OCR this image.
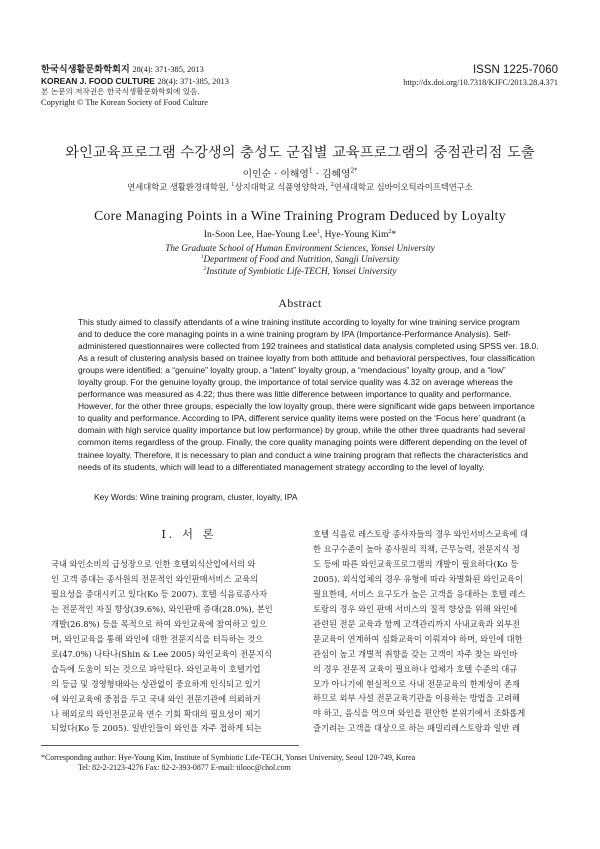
한국식생활문화학회지 28(4): 371-385, 2013
KOREAN J. FOOD CULTURE 28(4): 371-385, 2013
본 논문의 저작권은 한국식생활문화학회에 있음.
Copyright © The Korean Society of Food Culture
ISSN 1225-7060
http://dx.doi.org/10.7318/KJFC/2013.28.4.371
와인교육프로그램 수강생의 충성도 군집별 교육프로그램의 중점관리점 도출
이인순 · 이해영$^1$ · 김혜영$^{2*}$
연세대학교 생활환경대학원, $^1$상지대학교 식품영양학과, $^2$연세대학교 심바이오틱라이프텍연구소
Core Managing Points in a Wine Training Program Deduced by Loyalty
In-Soon Lee, Hae-Young Lee$^1$, Hye-Young Kim$^2$*
The Graduate School of Human Environment Sciences, Yonsei University
$^1$Department of Food and Nutrition, Sangji University
$^2$Institute of Symbiotic Life-TECH, Yonsei University
Abstract
This study aimed to classify attendants of a wine training institute according to loyalty for wine training service program
and to deduce the core managing points in a wine training program by IPA (Importance-Performance Analysis). Self-
administered questionnaires were collected from 192 trainees and statistical data analysis completed using SPSS ver. 18.0.
As a result of clustering analysis based on trainee loyalty from both attitude and behavioral perspectives, four classification
groups were identified: a “genuine” loyalty group, a “latent” loyalty group, a “mendacious” loyalty group, and a “low”
loyalty group. For the genuine loyalty group, the importance of total service quality was 4.32 on average whereas the
performance was measured as 4.22; thus there was little difference between importance to quality and performance.
However, for the other three groups, especially the low loyalty group, there were significant wide gaps between importance
to quality and performance. According to IPA, different service quality items were posted on the ‘Focus here’ quadrant (a
domain with high service quality importance but low performance) by group, while the other three quadrants had several
common items regardless of the group. Finally, the core quality managing points were different depending on the level of
trainee loyalty. Therefore, it is necessary to plan and conduct a wine training program that reflects the characteristics and
needs of its students, which will lead to a differentiated management strategy according to the level of loyalty.
Key Words: Wine training program, cluster, loyalty, IPA
Ⅰ. 서 론
국내 와인소비의 급성장으로 인한 호텔외식산업에서의 와
인 고객 증대는 종사원의 전문적인 와인판매서비스 교육의
필요성을 증대시키고 있다(Ko 등 2007). 호텔 식음료종사자
는 전문적인 자질 향상(39.6%), 와인판매 증대(28.0%), 본인
개발(26.8%) 등을 목적으로 하여 와인교육에 참여하고 있으
며, 와인교육을 통해 와인에 대한 전문지식을 터득하는 것으
로(47.0%) 나타나(Shin & Lee 2005) 와인교육이 전문지식
습득에 도움이 되는 것으로 파악된다. 와인교육이 호텔기업
의 등급 및 경영형태와는 상관없이 중요하게 인식되고 있기
에 와인교육에 중점을 두고 국내 와인 전문기관에 의뢰하거
나 해외로의 와인전문교육 연수 기회 확대의 필요성이 제기
되었다(Ko 등 2005). 일반인들이 와인을 자주 접하게 되는
호텔 식음료 레스토랑 종사자들의 경우 와인서비스교육에 대
한 요구수준이 높아 종사원의 직책, 근무능력, 전문지식 정
도 등에 따른 와인교육프로그램의 개발이 필요하다(Ko 등
2005). 외식업체의 경우 유형에 따라 차별화된 와인교육이
필요한데, 서비스 요구도가 높은 고객을 응대하는 호텔 레스
토랑의 경우 와인 판매 서비스의 질적 향상을 위해 와인에
관련된 전문 교육과 함께 고객관리까지 사내교육과 외부전
문교육이 연계하여 심화교육이 이뤄져야 하며, 와인에 대한
관심이 높고 개별적 취향을 갖는 고객이 자주 찾는 와인바
의 경우 전문적 교육이 필요하나 업체가 호텔 수준의 대규
모가 아니기에 현실적으로 사내 전문교육의 한계성이 존재
하므로 외부 사설 전문교육기관을 이용하는 방법을 고려해
야 하고, 음식을 먹으며 와인을 편안한 분위기에서 조화롭게
즐기려는 고객을 대상으로 하는 패밀리레스토랑과 일반 레
*Corresponding author: Hye-Young Kim, Institute of Symbiotic Life-TECH, Yonsei University, Seoul 120-749, Korea
Tel: 82-2-2123-4276 Fax: 82-2-393-0877 E-mail: tilooc@chol.com
